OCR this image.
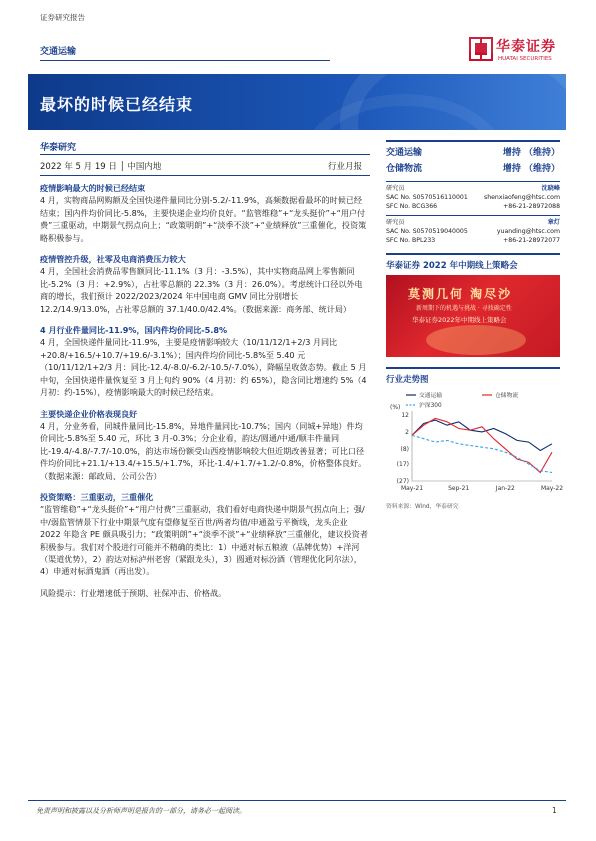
证券研究报告
交通运输	华泰证券
HUATAI SECURITIES
最坏的时候已经结束
华泰研究
2022 年 5 月 19 日 │ 中国内地	行业月报
疫情影响最大的时候已经结束
4 月，实物商品网购额及全国快递件量同比分别-5.2/-11.9%，高频数据看最坏的时候已经结束；国内件均价同比-5.8%，主要快递企业均价良好。“监管维稳”+“龙头挺价”+“用户付费”三重驱动，中期景气拐点向上；“政策明朗”+“淡季不淡”+“业绩释放”三重催化，投资策略积极参与。
疫情管控升级，社零及电商消费压力较大
4 月，全国社会消费品零售额同比-11.1%（3 月：-3.5%），其中实物商品网上零售额同比-5.2%（3 月：+2.9%），占社零总额的 22.3%（3 月：26.0%）。考虑统计口径以外电商的增长，我们预计 2022/2023/2024 年中国电商 GMV 同比分别增长 12.2/14.9/13.0%，占社零总额的 37.1/40.0/42.4%。（数据来源：商务部、统计局）
4 月行业件量同比-11.9%，国内件均价同比-5.8%
4 月，全国快递件量同比-11.9%，主要是疫情影响较大（10/11/12/1+2/3 月同比+20.8/+16.5/+10.7/+19.6/-3.1%）；国内件均价同比-5.8%至 5.40 元（10/11/12/1+2/3 月：同比-12.4/-8.0/-6.2/-10.5/-7.0%），降幅呈收敛态势。截止 5 月中旬，全国快递件量恢复至 3 月上旬约 90%（4 月初：约 65%），隐含同比增速约 5%（4 月初：约-15%），疫情影响最大的时候已经结束。
主要快递企业价格表现良好
4 月，分业务看，同城件量同比-15.8%，异地件量同比-10.7%；国内（同城+异地）件均价同比-5.8%至 5.40 元，环比 3 月-0.3%；分企业看，韵达/圆通/中通/顺丰件量同比-19.4/-4.8/-7.7/-10.0%，韵达市场份额受山西疫情影响较大但近期改善显著；可比口径件均价同比+21.1/+13.4/+15.5/+1.7%，环比-1.4/+1.7/+1.2/-0.8%，价格整体良好。（数据来源：邮政局、公司公告）
投资策略：三重驱动，三重催化
“监管维稳”+“龙头挺价”+“用户付费”三重驱动，我们看好电商快递中期景气拐点向上；强/中/弱监管情景下行业中期景气度有望修复至百世/两者均值/申通盈亏平衡线，龙头企业 2022 年隐含 PE 颇具吸引力；“政策明朗”+“淡季不淡”+“业绩释放”三重催化，建议投资者积极参与。我们对个股进行可能并不精确的类比：1）中通对标五粮液（品牌优势）+洋河（渠道优势），2）韵达对标泸州老窖（紧跟龙头），3）圆通对标汾酒（管理优化阿尔法），4）申通对标酒鬼酒（再出发）。
风险提示：行业增速低于预期、社保冲击、价格战。
交通运输	增持 （维持）
仓储物流	增持 （维持）
研究员	沈晓峰
SAC No. S0570516110001	shenxiaofeng@htsc.com
SFC No. BCG366	+86-21-28972088
研究员	章灯
SAC No. S0570519040005	yuanding@htsc.com
SFC No. BPL233	+86-21-28972077
华泰证券 2022 年中期线上策略会
莫测几何 淘尽沙
新周期下的机遇与挑战 · 寻找确定性
华泰证券2022年中期线上策略会
行业走势图
(%)
12
2
(8)
(17)
(27)
May-21	Sep-21	Jan-22	May-22
交通运输	仓储物流
沪深300
资料来源：Wind，华泰研究
免责声明和披露以及分析师声明是报告的一部分，请务必一起阅读。	1
